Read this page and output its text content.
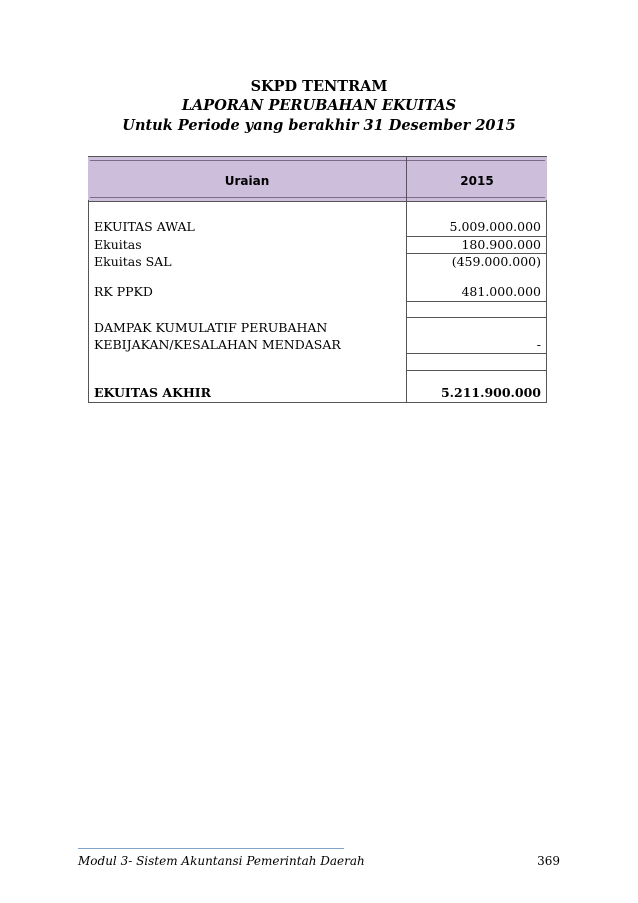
SKPD TENTRAM
LAPORAN PERUBAHAN EKUITAS
Untuk Periode yang berakhir 31 Desember 2015
Uraian	2015
EKUITAS AWAL	5.009.000.000
Ekuitas	180.900.000
Ekuitas SAL	(459.000.000)
RK PPKD	481.000.000
DAMPAK KUMULATIF PERUBAHAN
KEBIJAKAN/KESALAHAN MENDASAR	-
EKUITAS AKHIR	5.211.900.000
Modul 3- Sistem Akuntansi Pemerintah Daerah	369
